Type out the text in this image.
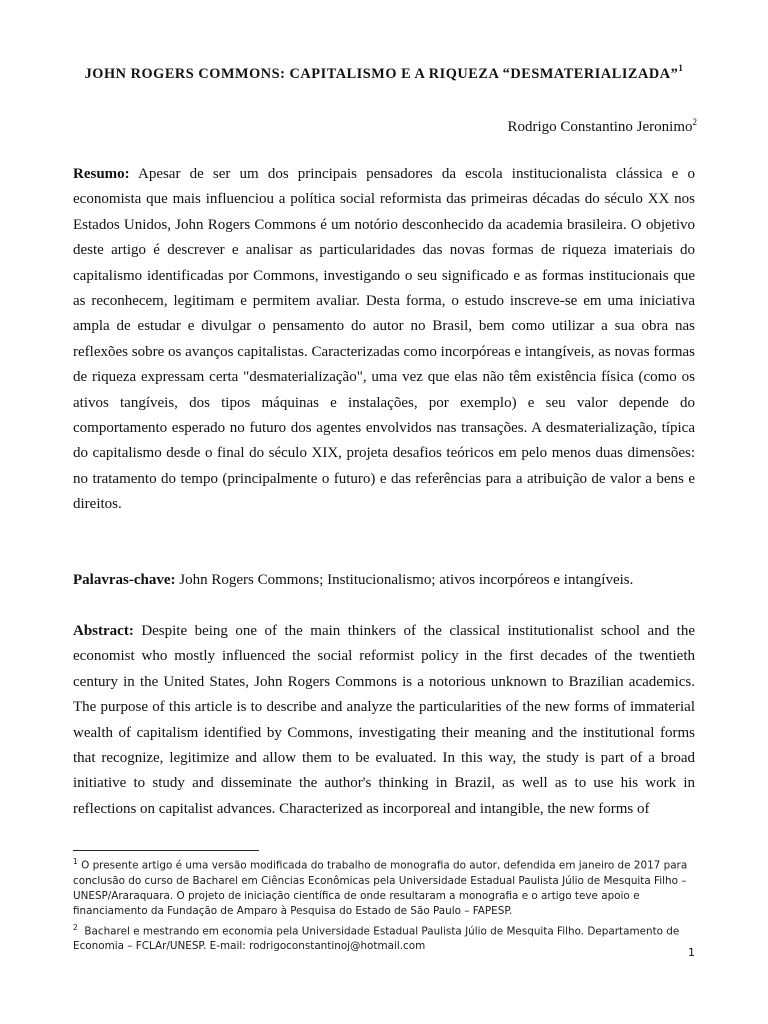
JOHN ROGERS COMMONS: CAPITALISMO E A RIQUEZA “DESMATERIALIZADA”$^1$
Rodrigo Constantino Jeronimo$^2$
Resumo: Apesar de ser um dos principais pensadores da escola institucionalista clássica e o economista que mais influenciou a política social reformista das primeiras décadas do século XX nos Estados Unidos, John Rogers Commons é um notório desconhecido da academia brasileira. O objetivo deste artigo é descrever e analisar as particularidades das novas formas de riqueza imateriais do capitalismo identificadas por Commons, investigando o seu significado e as formas institucionais que as reconhecem, legitimam e permitem avaliar. Desta forma, o estudo inscreve-se em uma iniciativa ampla de estudar e divulgar o pensamento do autor no Brasil, bem como utilizar a sua obra nas reflexões sobre os avanços capitalistas. Caracterizadas como incorpóreas e intangíveis, as novas formas de riqueza expressam certa "desmaterialização", uma vez que elas não têm existência física (como os ativos tangíveis, dos tipos máquinas e instalações, por exemplo) e seu valor depende do comportamento esperado no futuro dos agentes envolvidos nas transações. A desmaterialização, típica do capitalismo desde o final do século XIX, projeta desafios teóricos em pelo menos duas dimensões: no tratamento do tempo (principalmente o futuro) e das referências para a atribuição de valor a bens e direitos.
Palavras-chave: John Rogers Commons; Institucionalismo; ativos incorpóreos e intangíveis.
Abstract: Despite being one of the main thinkers of the classical institutionalist school and the economist who mostly influenced the social reformist policy in the first decades of the twentieth century in the United States, John Rogers Commons is a notorious unknown to Brazilian academics. The purpose of this article is to describe and analyze the particularities of the new forms of immaterial wealth of capitalism identified by Commons, investigating their meaning and the institutional forms that recognize, legitimize and allow them to be evaluated. In this way, the study is part of a broad initiative to study and disseminate the author's thinking in Brazil, as well as to use his work in reflections on capitalist advances. Characterized as incorporeal and intangible, the new forms of
$^1$ O presente artigo é uma versão modificada do trabalho de monografia do autor, defendida em janeiro de 2017 para conclusão do curso de Bacharel em Ciências Econômicas pela Universidade Estadual Paulista Júlio de Mesquita Filho – UNESP/Araraquara. O projeto de iniciação científica de onde resultaram a monografia e o artigo teve apoio e financiamento da Fundação de Amparo à Pesquisa do Estado de São Paulo – FAPESP.
$^2$ Bacharel e mestrando em economia pela Universidade Estadual Paulista Júlio de Mesquita Filho. Departamento de Economia – FCLAr/UNESP. E-mail: rodrigoconstantinoj@hotmail.com	1
